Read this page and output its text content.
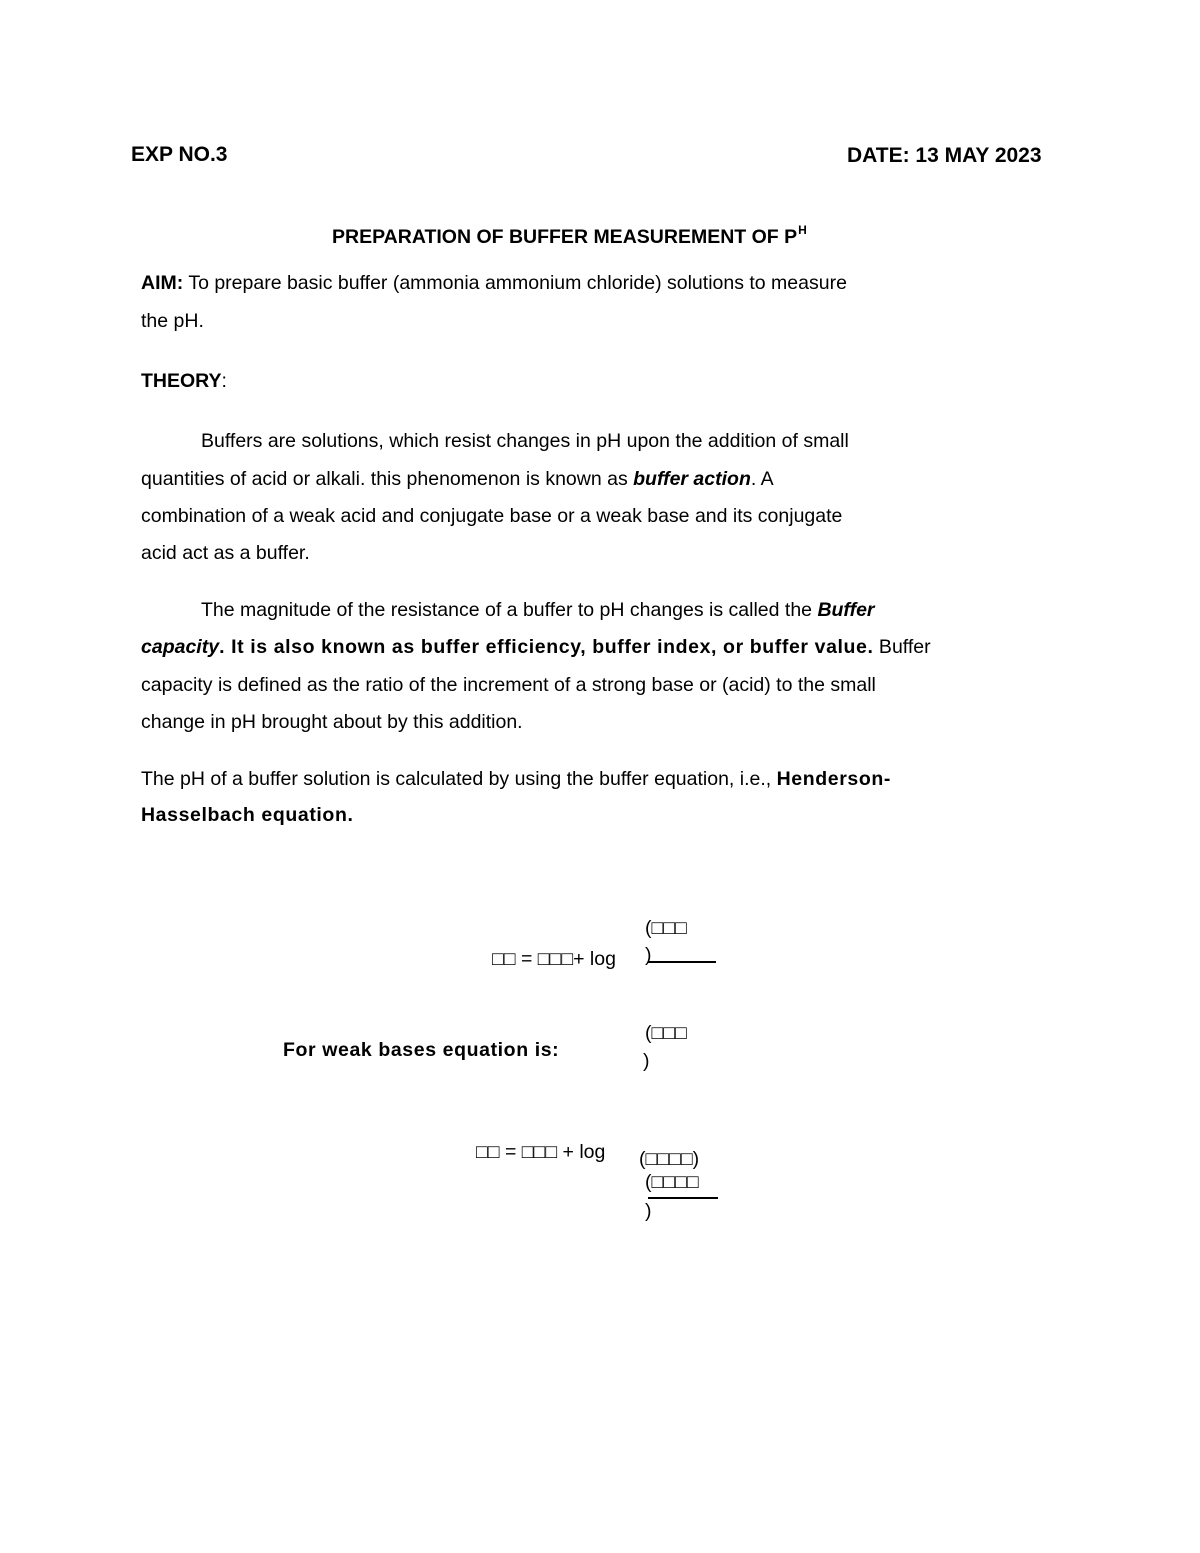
EXP NO.3	DATE: 13 MAY 2023
PREPARATION OF BUFFER MEASUREMENT OF $P^H$
AIM: To prepare basic buffer (ammonia ammonium chloride) solutions to measure
the pH.
THEORY:
Buffers are solutions, which resist changes in pH upon the addition of small
quantities of acid or alkali. this phenomenon is known as buffer action. A
combination of a weak acid and conjugate base or a weak base and its conjugate
acid act as a buffer.
The magnitude of the resistance of a buffer to pH changes is called the Buffer
capacity. It is also known as buffer efficiency, buffer index, or buffer value. Buffer
capacity is defined as the ratio of the increment of a strong base or (acid) to the small
change in pH brought about by this addition.
The pH of a buffer solution is calculated by using the buffer equation, i.e., Henderson-
Hasselbach equation.
(□□□
)
□□ = □□□+ log
For weak bases equation is:
(□□□
)
□□ = □□□ + log (□□□□)
(□□□□
)
